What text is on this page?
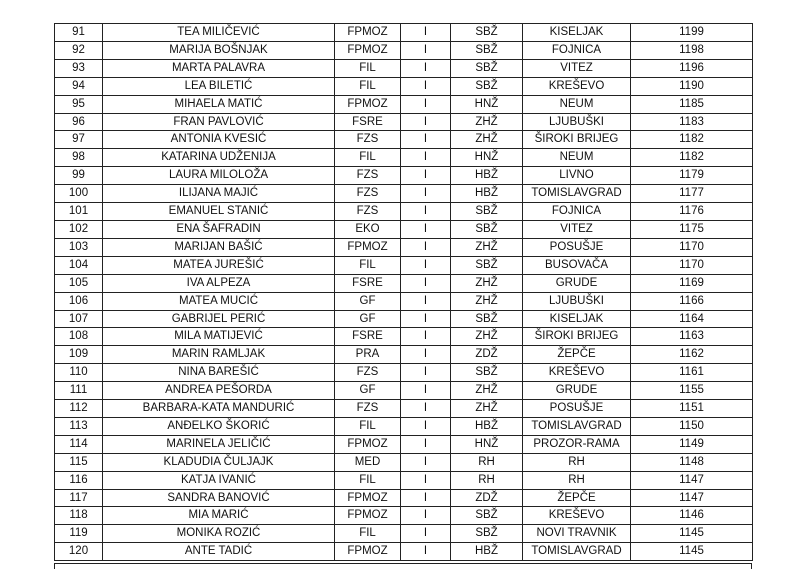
91	TEA MILIČEVIĆ	FPMOZ	I	SBŽ	KISELJAK	1199
92	MARIJA BOŠNJAK	FPMOZ	I	SBŽ	FOJNICA	1198
93	MARTA PALAVRA	FIL	I	SBŽ	VITEZ	1196
94	LEA BILETIĆ	FIL	I	SBŽ	KREŠEVO	1190
95	MIHAELA MATIĆ	FPMOZ	I	HNŽ	NEUM	1185
96	FRAN PAVLOVIĆ	FSRE	I	ZHŽ	LJUBUŠKI	1183
97	ANTONIA KVESIĆ	FZS	I	ZHŽ	ŠIROKI BRIJEG	1182
98	KATARINA UDŽENIJA	FIL	I	HNŽ	NEUM	1182
99	LAURA MILOLOŽA	FZS	I	HBŽ	LIVNO	1179
100	ILIJANA MAJIĆ	FZS	I	HBŽ	TOMISLAVGRAD	1177
101	EMANUEL STANIĆ	FZS	I	SBŽ	FOJNICA	1176
102	ENA ŠAFRADIN	EKO	I	SBŽ	VITEZ	1175
103	MARIJAN BAŠIĆ	FPMOZ	I	ZHŽ	POSUŠJE	1170
104	MATEA JUREŠIĆ	FIL	I	SBŽ	BUSOVAČA	1170
105	IVA ALPEZA	FSRE	I	ZHŽ	GRUDE	1169
106	MATEA MUCIĆ	GF	I	ZHŽ	LJUBUŠKI	1166
107	GABRIJEL PERIĆ	GF	I	SBŽ	KISELJAK	1164
108	MILA MATIJEVIĆ	FSRE	I	ZHŽ	ŠIROKI BRIJEG	1163
109	MARIN RAMLJAK	PRA	I	ZDŽ	ŽEPČE	1162
110	NINA BAREŠIĆ	FZS	I	SBŽ	KREŠEVO	1161
111	ANDREA PEŠORDA	GF	I	ZHŽ	GRUDE	1155
112	BARBARA-KATA MANDURIĆ	FZS	I	ZHŽ	POSUŠJE	1151
113	ANĐELKO ŠKORIĆ	FIL	I	HBŽ	TOMISLAVGRAD	1150
114	MARINELA JELIČIĆ	FPMOZ	I	HNŽ	PROZOR-RAMA	1149
115	KLADUDIA ČULJAJK	MED	I	RH	RH	1148
116	KATJA IVANIĆ	FIL	I	RH	RH	1147
117	SANDRA BANOVIĆ	FPMOZ	I	ZDŽ	ŽEPČE	1147
118	MIA MARIĆ	FPMOZ	I	SBŽ	KREŠEVO	1146
119	MONIKA ROZIĆ	FIL	I	SBŽ	NOVI TRAVNIK	1145
120	ANTE TADIĆ	FPMOZ	I	HBŽ	TOMISLAVGRAD	1145
